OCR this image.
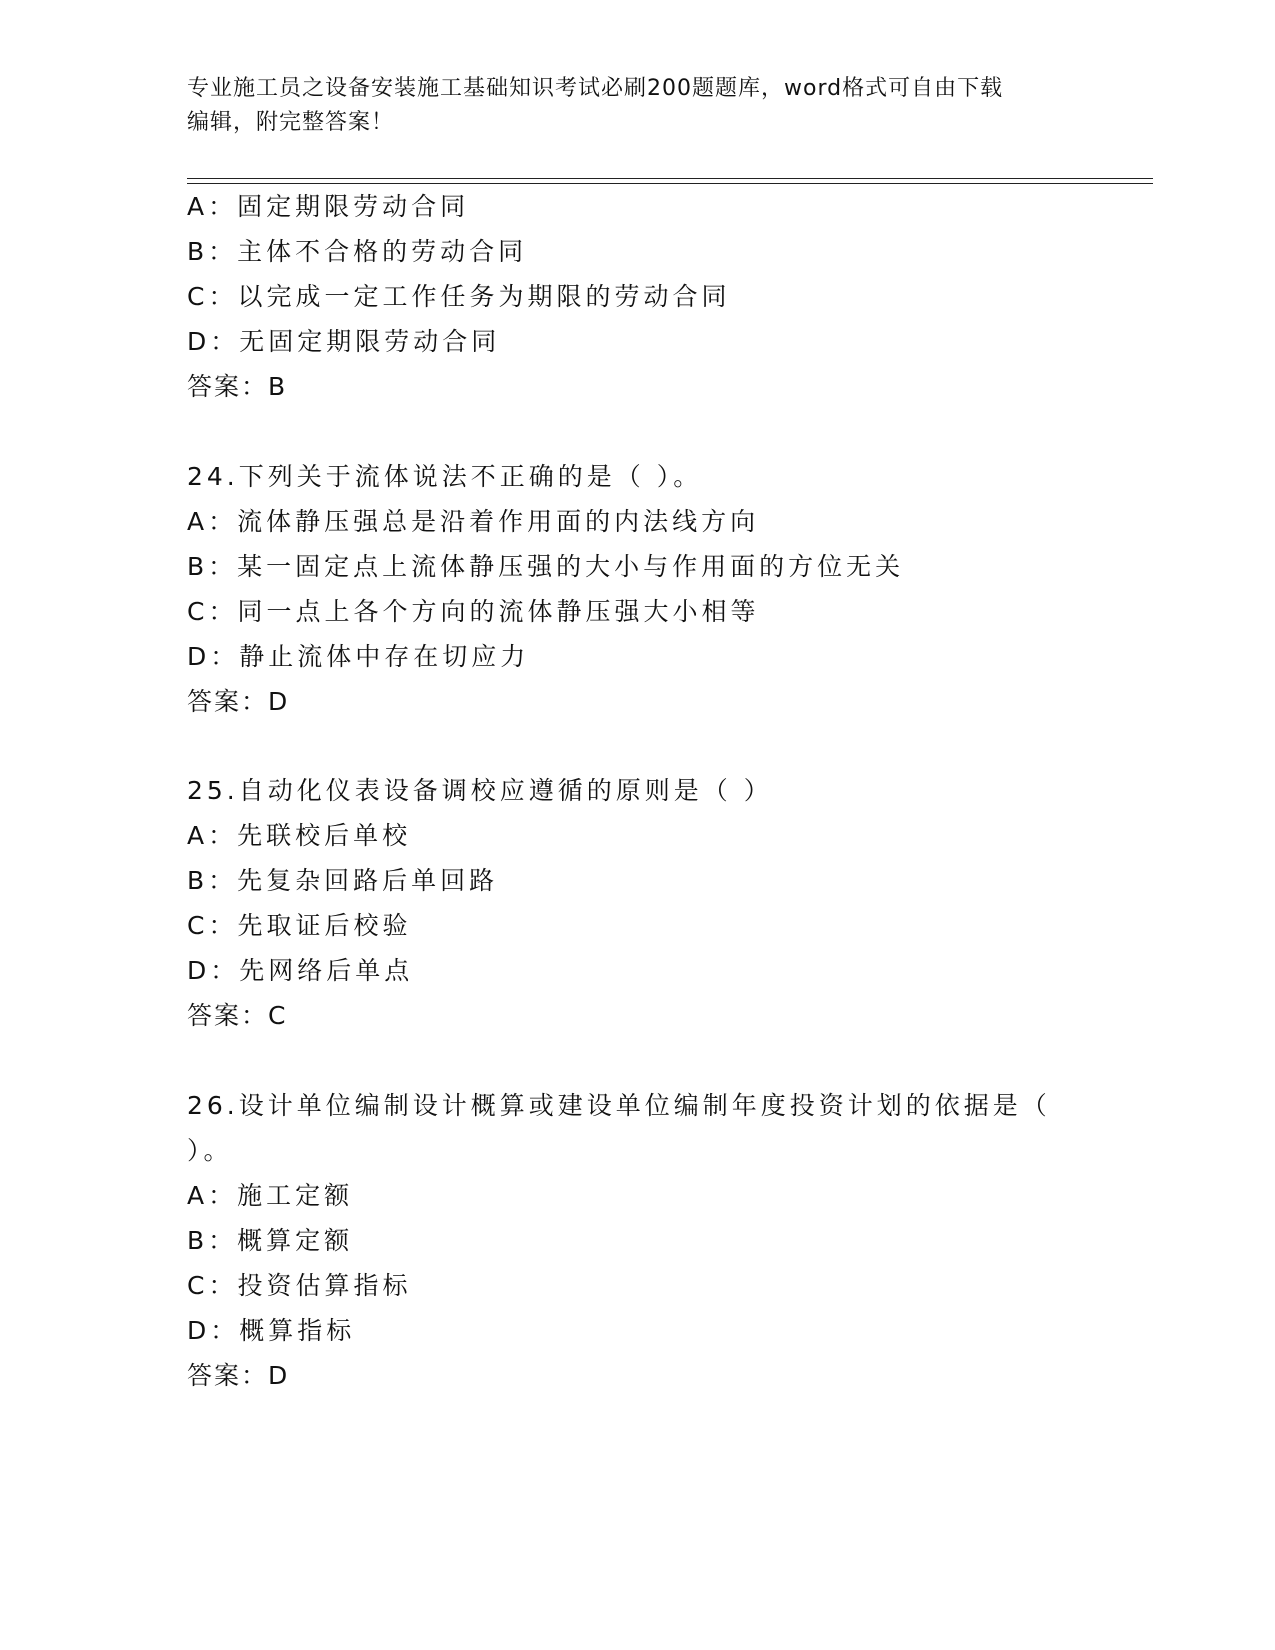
专业施工员之设备安装施工基础知识考试必刷200题题库，word格式可自由下载
编辑，附完整答案！
A：固定期限劳动合同
B：主体不合格的劳动合同
C：以完成一定工作任务为期限的劳动合同
D：无固定期限劳动合同
答案：B
24.下列关于流体说法不正确的是（ ）。
A：流体静压强总是沿着作用面的内法线方向
B：某一固定点上流体静压强的大小与作用面的方位无关
C：同一点上各个方向的流体静压强大小相等
D：静止流体中存在切应力
答案：D
25.自动化仪表设备调校应遵循的原则是（ ）
A：先联校后单校
B：先复杂回路后单回路
C：先取证后校验
D：先网络后单点
答案：C
26.设计单位编制设计概算或建设单位编制年度投资计划的依据是（
）。
A：施工定额
B：概算定额
C：投资估算指标
D：概算指标
答案：D
